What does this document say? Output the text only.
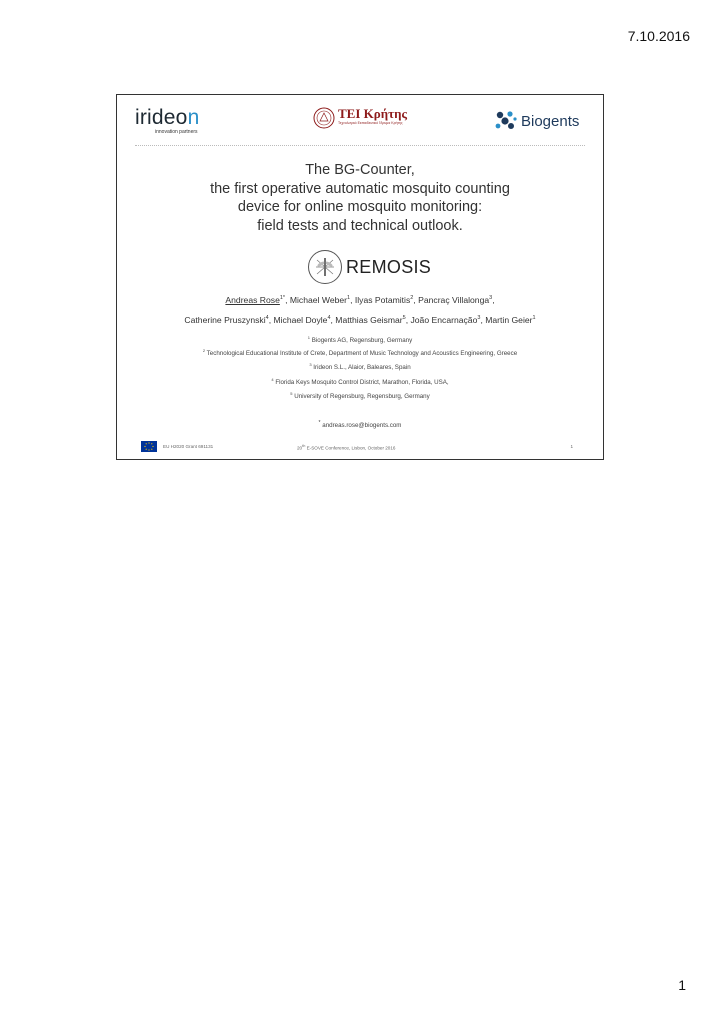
7.10.2016
irideon
innovation partners
ΤΕΙ Κρήτης
Τεχνολογικό Εκπαιδευτικό Ίδρυμα Κρήτης	Biogents
The BG-Counter,
the first operative automatic mosquito counting
device for online mosquito monitoring:
field tests and technical outlook.
REMOSIS
Andreas Rose$^{1*}$, Michael Weber$^1$, Ilyas Potamitis$^2$, Pancraç Villalonga$^3$,
Catherine Pruszynski$^4$, Michael Doyle$^4$, Matthias Geismar$^5$, João Encarnação$^3$, Martin Geier$^1$
$^1$ Biogents AG, Regensburg, Germany
$^2$ Technological Educational Institute of Crete, Department of Music Technology and Acoustics Engineering, Greece
$^3$ Irideon S.L., Alaior, Baleares, Spain
$^4$ Florida Keys Mosquito Control District, Marathon, Florida, USA,
$^5$ University of Regensburg, Regensburg, Germany
* andreas.rose@biogents.com
EU H2020 Grant 691131	20th E-SOVE Conference, Lisbon, October 2016	1
1
